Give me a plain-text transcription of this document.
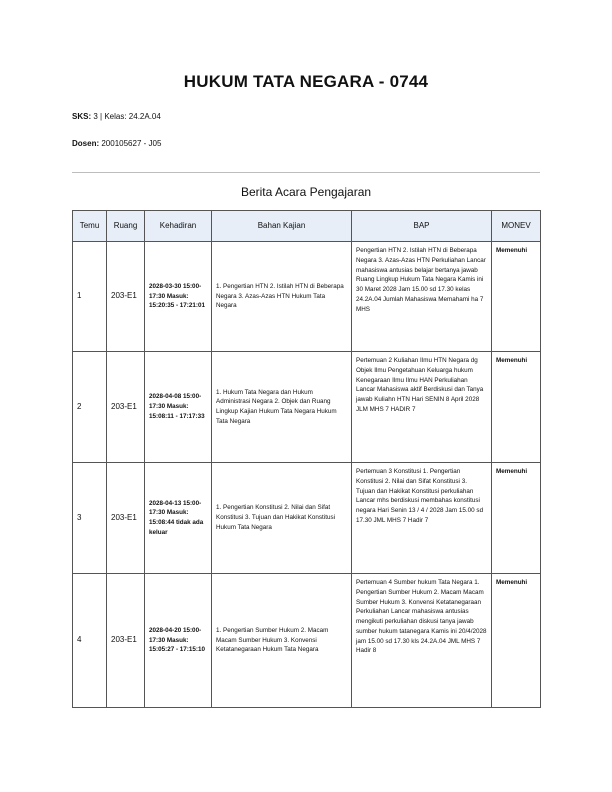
HUKUM TATA NEGARA - 0744
SKS: 3 | Kelas: 24.2A.04
Dosen: 200105627 - J05
Berita Acara Pengajaran
Temu	Ruang	Kehadiran	Bahan Kajian	BAP	MONEV
1	203-E1	2028-03-30 15:00-17:30 Masuk: 15:20:35 - 17:21:01	1. Pengertian HTN 2. Istilah HTN di Beberapa Negara 3. Azas-Azas HTN Hukum Tata Negara	Pengertian HTN 2. Istilah HTN di Beberapa Negara 3. Azas-Azas HTN Perkuliahan Lancar mahasiswa antusias belajar bertanya jawab Ruang Lingkup Hukum Tata Negara Kamis ini 30 Maret 2028 Jam 15.00 sd 17.30 kelas 24.2A.04 Jumlah Mahasiswa Memahami ha 7 MHS	Memenuhi
2	203-E1	2028-04-08 15:00-17:30 Masuk: 15:08:11 - 17:17:33	1. Hukum Tata Negara dan Hukum Administrasi Negara 2. Objek dan Ruang Lingkup Kajian Hukum Tata Negara Hukum Tata Negara	Pertemuan 2 Kuliahan Ilmu HTN Negara dg Objek Ilmu Pengetahuan Keluarga hukum Kenegaraan Ilmu Ilmu HAN Perkuliahan Lancar Mahasiswa aktif Berdiskusi dan Tanya jawab Kuliahn HTN Hari SENIN 8 April 2028 JLM MHS 7 HADIR 7	Memenuhi
3	203-E1	2028-04-13 15:00-17:30 Masuk: 15:08:44 tidak ada keluar	1. Pengertian Konstitusi 2. Nilai dan Sifat Konstitusi 3. Tujuan dan Hakikat Konstitusi Hukum Tata Negara	Pertemuan 3 Konstitusi 1. Pengertian Konstitusi 2. Nilai dan Sifat Konstitusi 3. Tujuan dan Hakikat Konstitusi perkuliahan Lancar mhs berdiskusi membahas konstitusi negara Hari Senin 13 / 4 / 2028 Jam 15.00 sd 17.30 JML MHS 7 Hadir 7	Memenuhi
4	203-E1	2028-04-20 15:00-17:30 Masuk: 15:05:27 - 17:15:10	1. Pengertian Sumber Hukum 2. Macam Macam Sumber Hukum 3. Konvensi Ketatanegaraan Hukum Tata Negara	Pertemuan 4 Sumber hukum Tata Negara 1. Pengertian Sumber Hukum 2. Macam Macam Sumber Hukum 3. Konvensi Ketatanegaraan Perkuliahan Lancar mahasiswa antusias mengikuti perkuliahan diskusi tanya jawab sumber hukum tatanegara Kamis ini 20/4/2028 jam 15.00 sd 17.30 kls 24.2A.04 JML MHS 7 Hadir 8	Memenuhi
